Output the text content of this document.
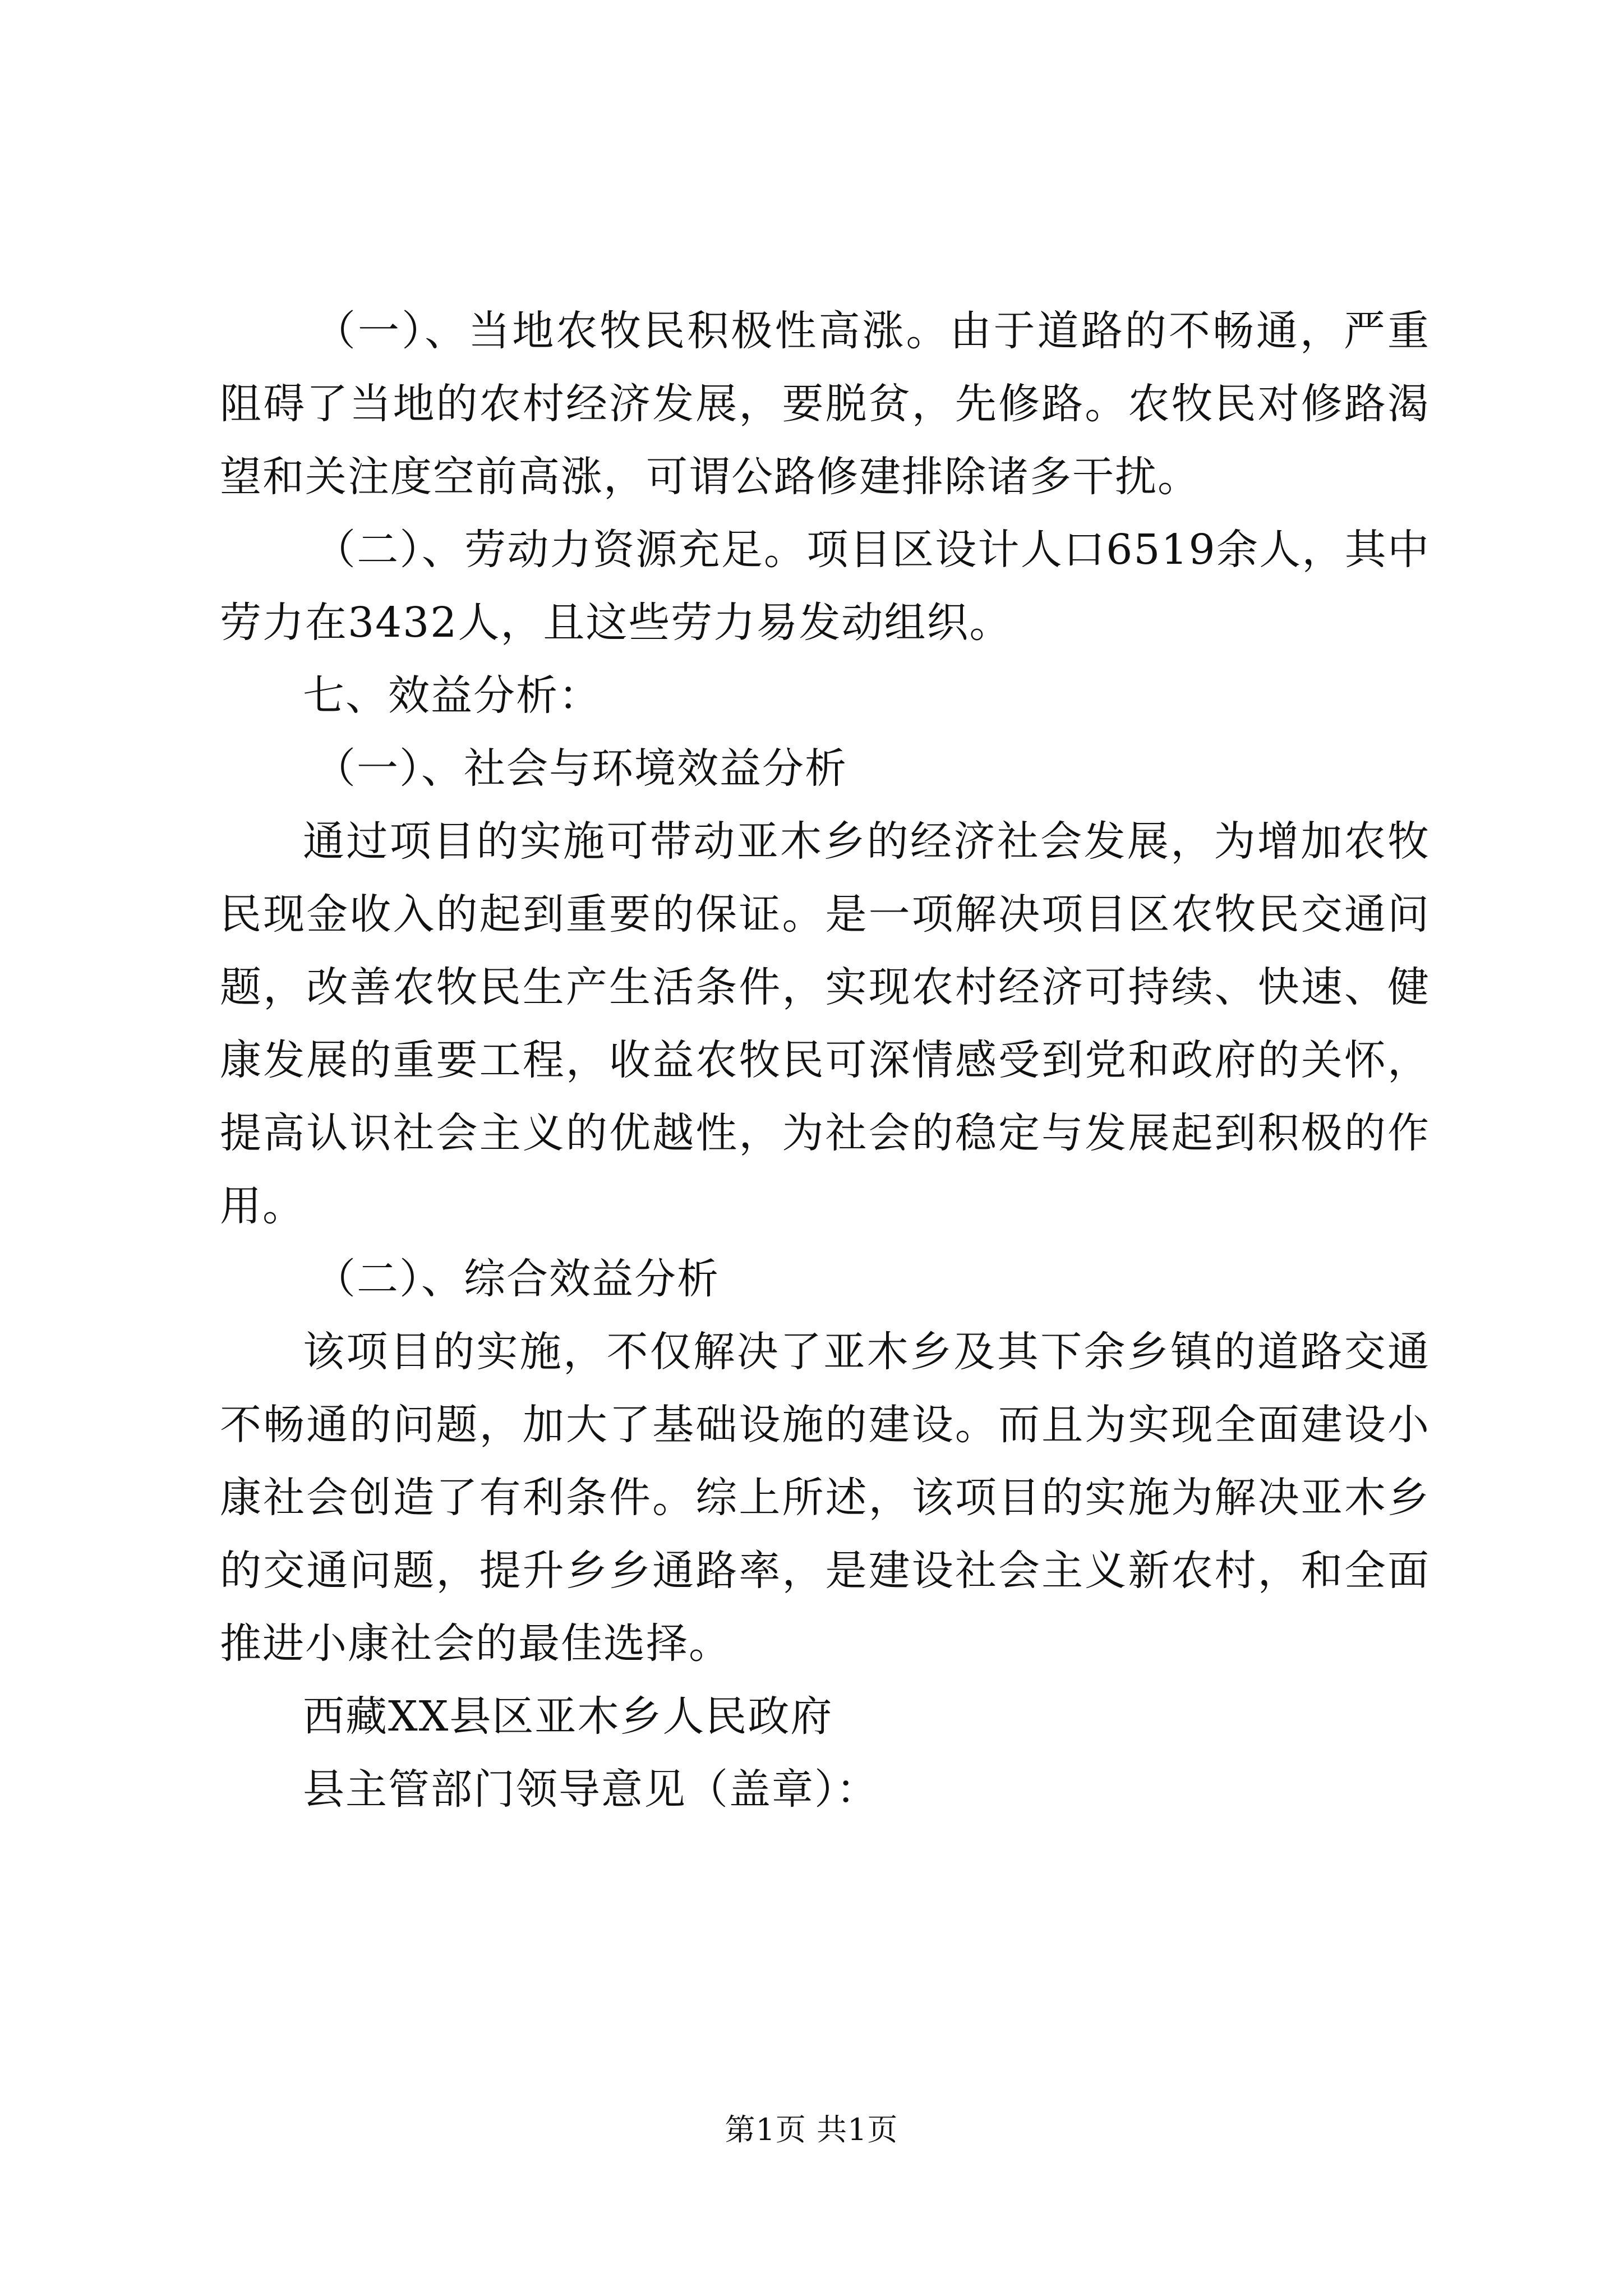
（一）、当地农牧民积极性高涨。由于道路的不畅通，严重阻碍了当地的农村经济发展，要脱贫，先修路。农牧民对修路渴望和关注度空前高涨，可谓公路修建排除诸多干扰。

（二）、劳动力资源充足。项目区设计人口6519余人，其中劳力在3432人，且这些劳力易发动组织。

七、效益分析：

（一）、社会与环境效益分析

通过项目的实施可带动亚木乡的经济社会发展，为增加农牧民现金收入的起到重要的保证。是一项解决项目区农牧民交通问题，改善农牧民生产生活条件，实现农村经济可持续、快速、健康发展的重要工程，收益农牧民可深情感受到党和政府的关怀，提高认识社会主义的优越性，为社会的稳定与发展起到积极的作用。

（二）、综合效益分析

该项目的实施，不仅解决了亚木乡及其下余乡镇的道路交通不畅通的问题，加大了基础设施的建设。而且为实现全面建设小康社会创造了有利条件。综上所述，该项目的实施为解决亚木乡的交通问题，提升乡乡通路率，是建设社会主义新农村，和全面推进小康社会的最佳选择。

西藏XX县区亚木乡人民政府

县主管部门领导意见（盖章）：

第1页 共1页
